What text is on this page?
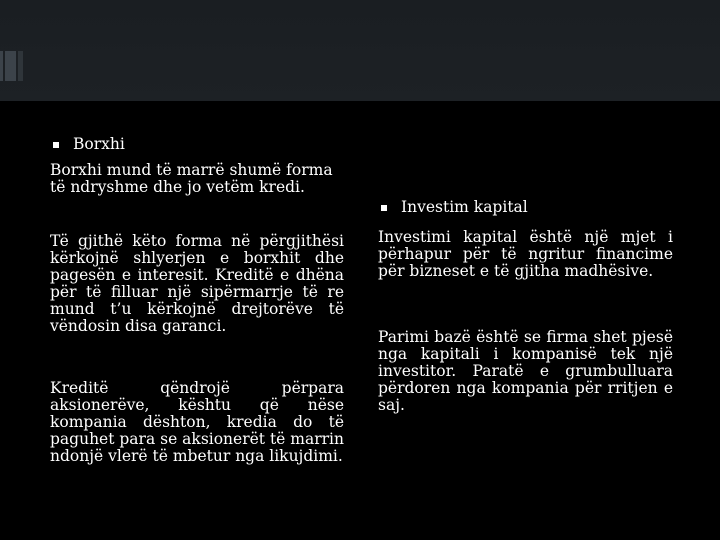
Borxhi
Borxhi mund të marrë shumë forma të ndryshme dhe jo vetëm kredi.
Të gjithë këto forma në përgjithësi kërkojnë shlyerjen e borxhit dhe pagesën e interesit. Kreditë e dhëna për të filluar një sipërmarrje të re mund t’u kërkojnë drejtorëve të vëndosin disa garanci.
Kreditë qëndrojë përpara aksionerëve, kështu që nëse kompania dështon, kredia do të paguhet para se aksionerët të marrin ndonjë vlerë të mbetur nga likujdimi.
Investim kapital
Investimi kapital është një mjet i përhapur për të ngritur financime për bizneset e të gjitha madhësive.
Parimi bazë është se firma shet pjesë nga kapitali i kompanisë tek një investitor. Paratë e grumbulluara përdoren nga kompania për rritjen e saj.
